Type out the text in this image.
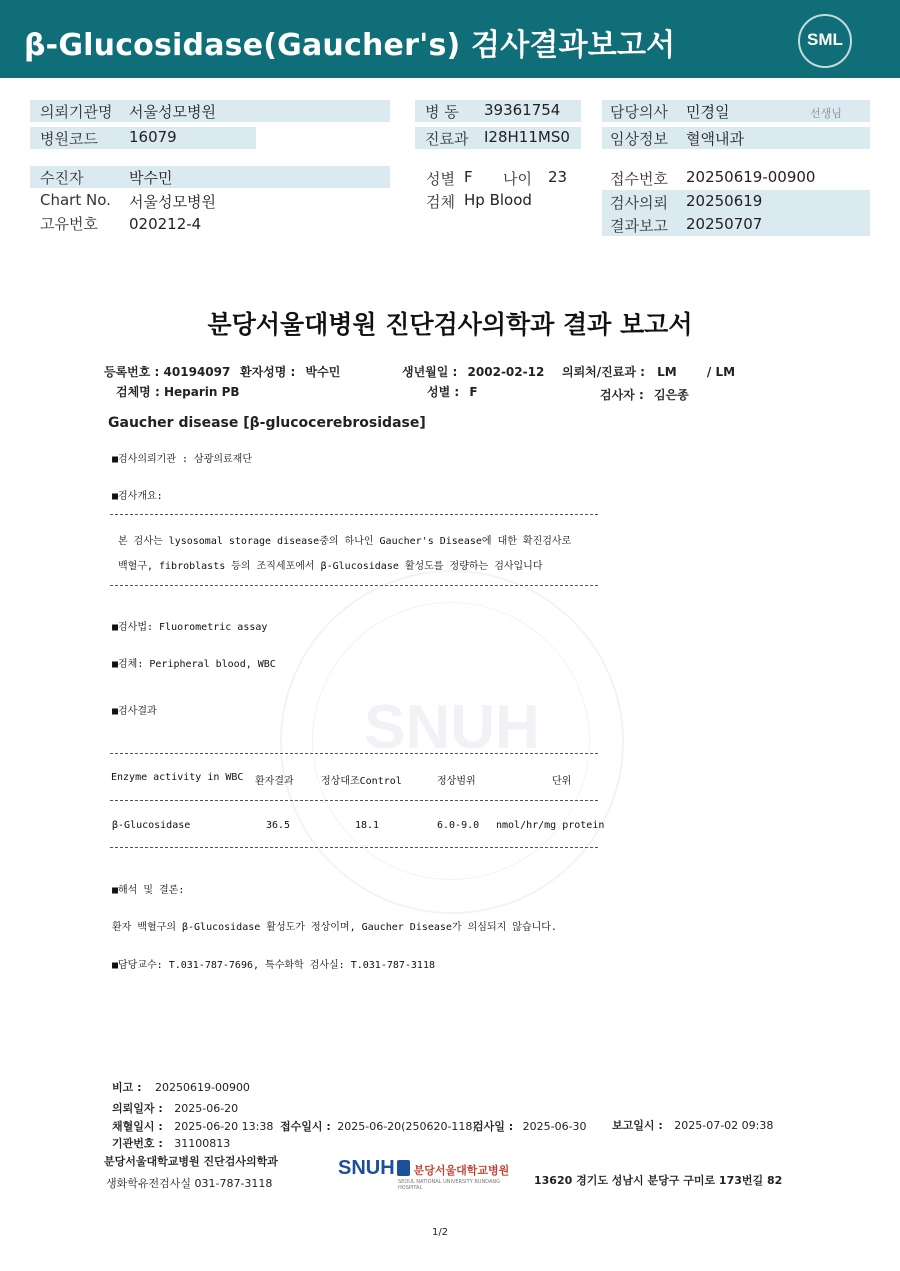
β-Glucosidase(Gaucher's) 검사결과보고서	SML
의뢰기관명 서울성모병원
병원코드 16079
병 동 39361754
진료과 I28H11MS0
담당의사 민경일	선생님
임상정보 혈액내과
수진자	박수민
Chart No. 서울성모병원
고유번호 020212-4
성별 F 나이 23
검체 Hp Blood
접수번호 20250619-00900
검사의뢰 20250619
결과보고 20250707
SNUH
분당서울대병원 진단검사의학과 결과 보고서
등록번호 : 40194097 환자성명 : 박수민	생년월일 : 2002-02-12 의뢰처/진료과 : LM	/ LM
검체명 : Heparin PB	성별 : F	검사자 : 김은종
Gaucher disease [β-glucocerebrosidase]
■검사의뢰기관 : 삼광의료재단
■검사개요:
본 검사는 lysosomal storage disease중의 하나인 Gaucher's Disease에 대한 확진검사로
백혈구, fibroblasts 등의 조직세포에서 β-Glucosidase 활성도를 정량하는 검사입니다
■검사법: Fluorometric assay
■검체: Peripheral blood, WBC
■검사결과
Enzyme activity in WBC 환자결과	정상대조Control	정상범위	단위
β-Glucosidase	36.5	18.1	6.0-9.0 nmol/hr/mg protein
■해석 및 결론:
환자 백혈구의 β-Glucosidase 활성도가 정상이며, Gaucher Disease가 의심되지 않습니다.
■담당교수: T.031-787-7696, 특수화학 검사실: T.031-787-3118
비고 : 20250619-00900
의뢰일자 : 2025-06-20
채혈일시 : 2025-06-20 13:38 접수일시 : 2025-06-20(250620-118)
검사일 : 2025-06-30 보고일시 : 2025-07-02 09:38
기관번호 : 31100813
분당서울대학교병원 진단검사의학과
생화학유전검사실 031-787-3118
SNUH 분당서울대학교병원
SEOUL NATIONAL UNIVERSITY BUNDANG HOSPITAL
13620 경기도 성남시 분당구 구미로 173번길 82
1/2
